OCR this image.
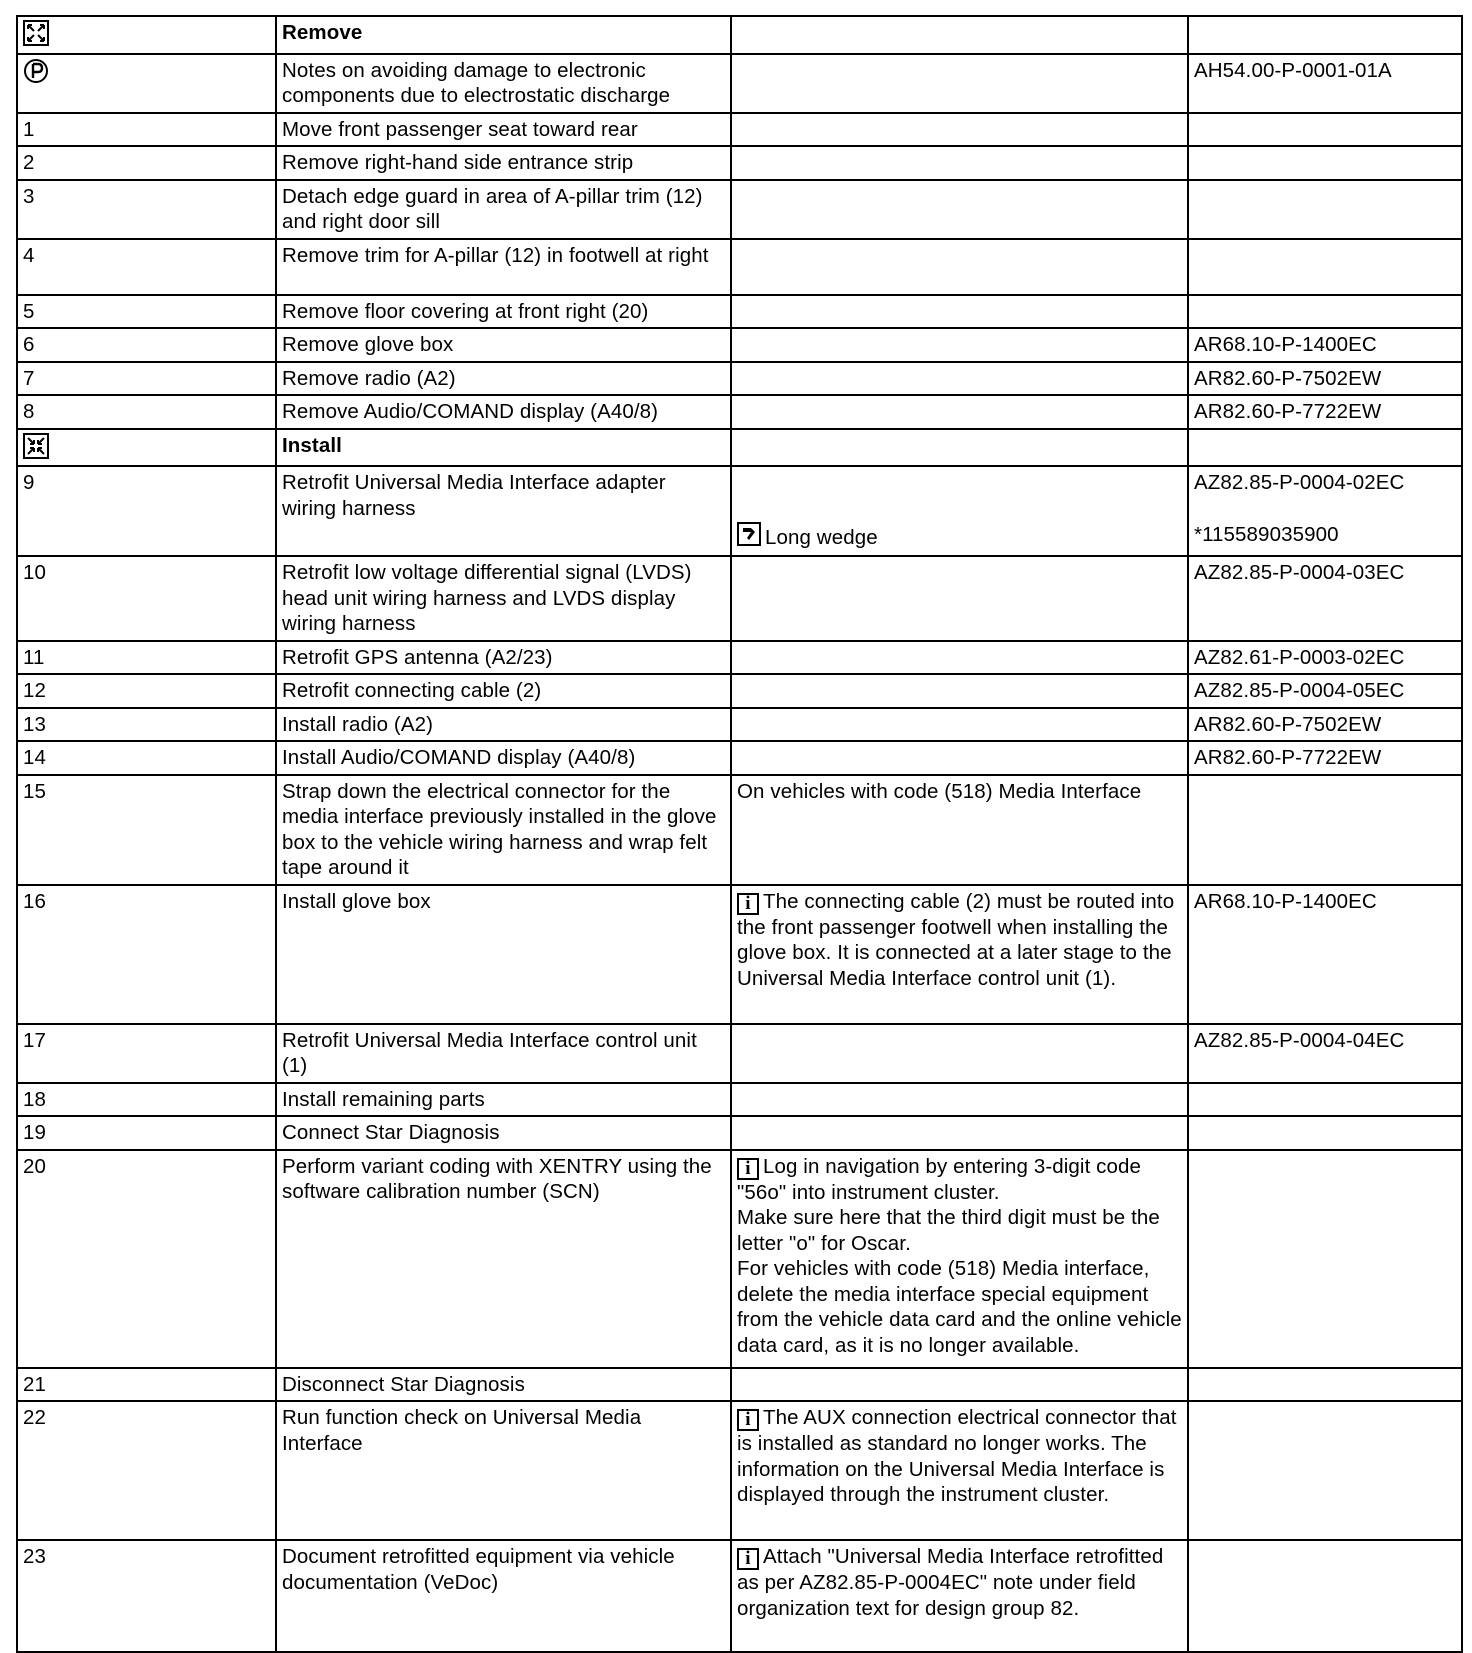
	Remove		
	Notes on avoiding damage to electronic components due to electrostatic discharge		AH54.00-P-0001-01A
1	Move front passenger seat toward rear		
2	Remove right-hand side entrance strip		
3	Detach edge guard in area of A-pillar trim (12) and right door sill		
4	Remove trim for A-pillar (12) in footwell at right		
5	Remove floor covering at front right (20)		
6	Remove glove box		AR68.10-P-1400EC
7	Remove radio (A2)		AR82.60-P-7502EW
8	Remove Audio/COMAND display (A40/8)		AR82.60-P-7722EW
	Install		
9	Retrofit Universal Media Interface adapter wiring harness	Long wedge	AZ82.85-P-0004-02EC
*115589035900

10	Retrofit low voltage differential signal (LVDS) head unit wiring harness and LVDS display wiring harness		AZ82.85-P-0004-03EC
11	Retrofit GPS antenna (A2/23)		AZ82.61-P-0003-02EC
12	Retrofit connecting cable (2)		AZ82.85-P-0004-05EC
13	Install radio (A2)		AR82.60-P-7502EW
14	Install Audio/COMAND display (A40/8)		AR82.60-P-7722EW
15	Strap down the electrical connector for the media interface previously installed in the glove box to the vehicle wiring harness and wrap felt tape around it	On vehicles with code (518) Media Interface	
16	Install glove box	i The connecting cable (2) must be routed into the front passenger footwell when installing the glove box. It is connected at a later stage to the Universal Media Interface control unit (1).	AR68.10-P-1400EC
17	Retrofit Universal Media Interface control unit (1)		AZ82.85-P-0004-04EC
18	Install remaining parts		
19	Connect Star Diagnosis		
20	Perform variant coding with XENTRY using the software calibration number (SCN)	i Log in navigation by entering 3-digit code "56o" into instrument cluster.
Make sure here that the third digit must be the letter "o" for Oscar.
For vehicles with code (518) Media interface, delete the media interface special equipment from the vehicle data card and the online vehicle data card, as it is no longer available.	

21	Disconnect Star Diagnosis		
22	Run function check on Universal Media Interface	i The AUX connection electrical connector that is installed as standard no longer works. The information on the Universal Media Interface is displayed through the instrument cluster.	

23	Document retrofitted equipment via vehicle documentation (VeDoc)	i Attach "Universal Media Interface retrofitted as per AZ82.85-P-0004EC" note under field organization text for design group 82.	
